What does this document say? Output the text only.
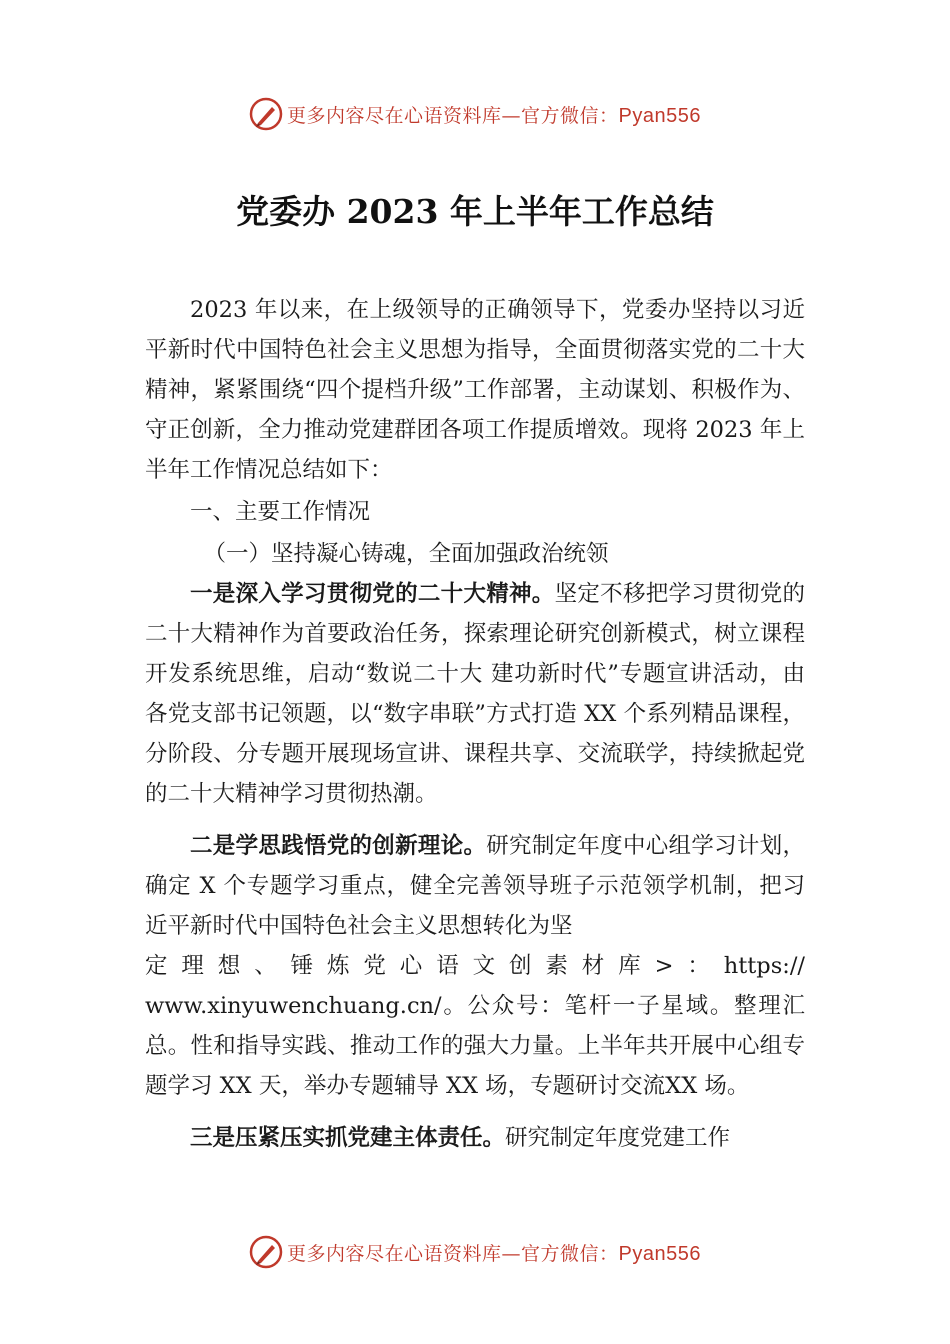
更多内容尽在心语资料库—官方微信：Pyan556
党委办 2023 年上半年工作总结

2023 年以来，在上级领导的正确领导下，党委办坚持以习近平新时代中国特色社会主义思想为指导，全面贯彻落实党的二十大精神，紧紧围绕“四个提档升级”工作部署，主动谋划、积极作为、守正创新，全力推动党建群团各项工作提质增效。现将 2023 年上半年工作情况总结如下：

一、主要工作情况

（一）坚持凝心铸魂，全面加强政治统领

一是深入学习贯彻党的二十大精神。坚定不移把学习贯彻党的二十大精神作为首要政治任务，探索理论研究创新模式，树立课程开发系统思维，启动“数说二十大 建功新时代”专题宣讲活动，由各党支部书记领题，以“数字串联”方式打造 XX 个系列精品课程，分阶段、分专题开展现场宣讲、课程共享、交流联学，持续掀起党的二十大精神学习贯彻热潮。

二是学思践悟党的创新理论。研究制定年度中心组学习计划，确定 X 个专题学习重点，健全完善领导班子示范领学机制，把习近平新时代中国特色社会主义思想转化为坚

定理想、锤炼党心语文创素材库>：https://

www.xinyuwenchuang.cn/。公众号：笔杆一子星域。整理汇总。性和指导实践、推动工作的强大力量。上半年共开展中心组专题学习 XX 天，举办专题辅导 XX 场，专题研讨交流XX 场。

三是压紧压实抓党建主体责任。研究制定年度党建工作

更多内容尽在心语资料库—官方微信：Pyan556
